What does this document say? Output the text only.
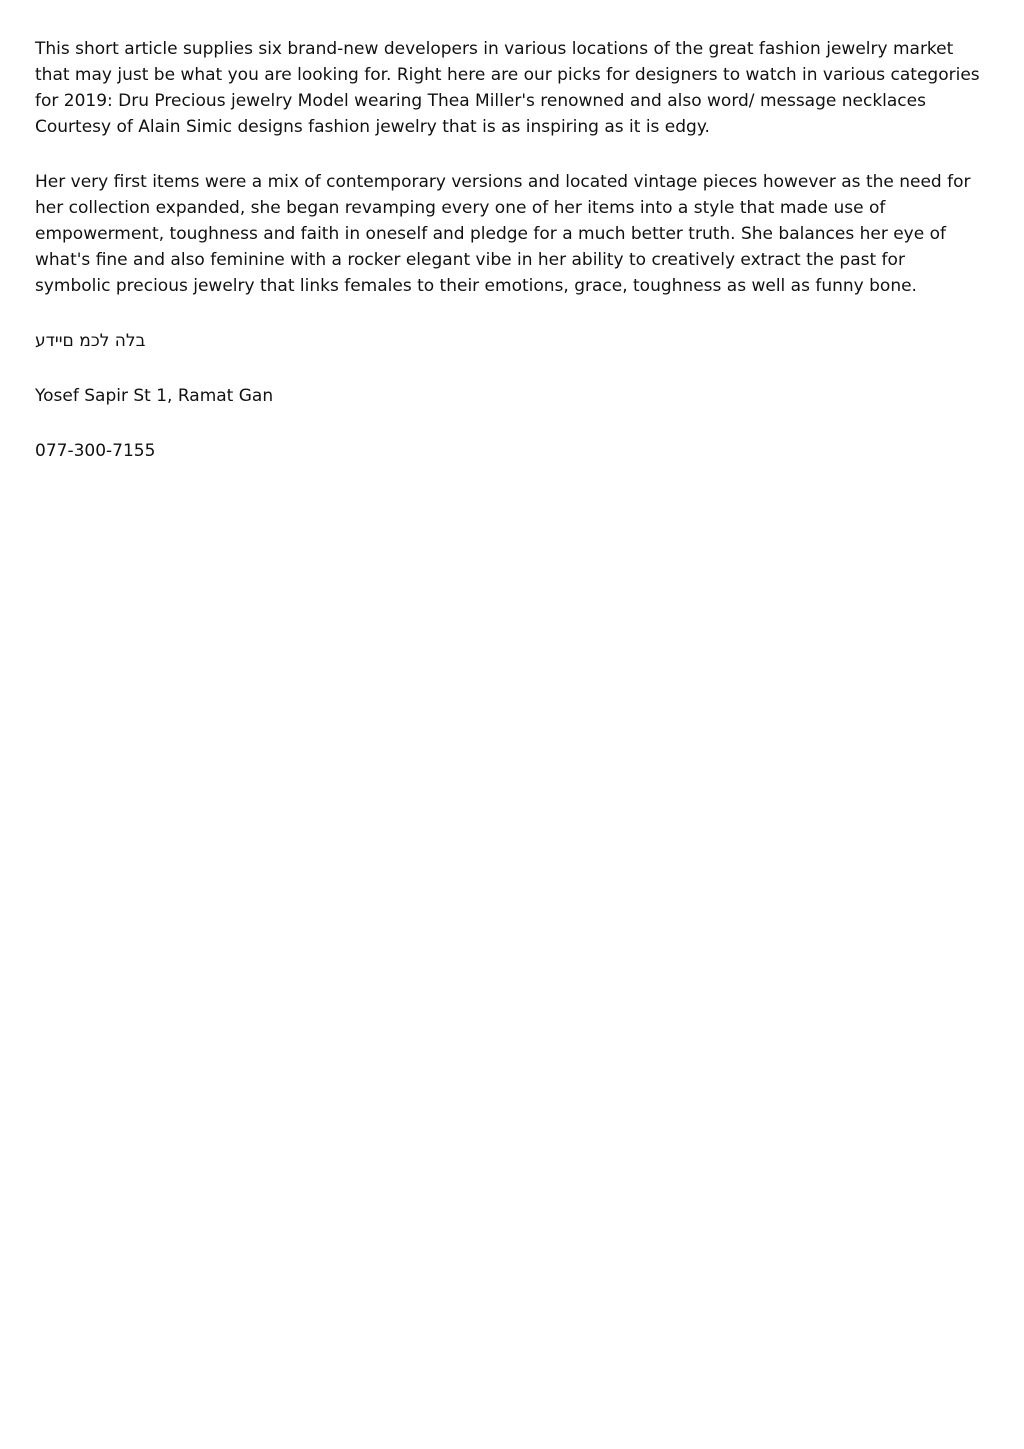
This short article supplies six brand-new developers in various locations of the great fashion jewelry market that may just be what you are looking for. Right here are our picks for designers to watch in various categories for 2019: Dru Precious jewelry Model wearing Thea Miller's renowned and also word/ message necklaces Courtesy of Alain Simic designs fashion jewelry that is as inspiring as it is edgy.

Her very first items were a mix of contemporary versions and located vintage pieces however as the need for her collection expanded, she began revamping every one of her items into a style that made use of empowerment, toughness and faith in oneself and pledge for a much better truth. She balances her eye of what's fine and also feminine with a rocker elegant vibe in her ability to creatively extract the past for symbolic precious jewelry that links females to their emotions, grace, toughness as well as funny bone.

בלה לכמ םיידע

Yosef Sapir St 1, Ramat Gan

077-300-7155
